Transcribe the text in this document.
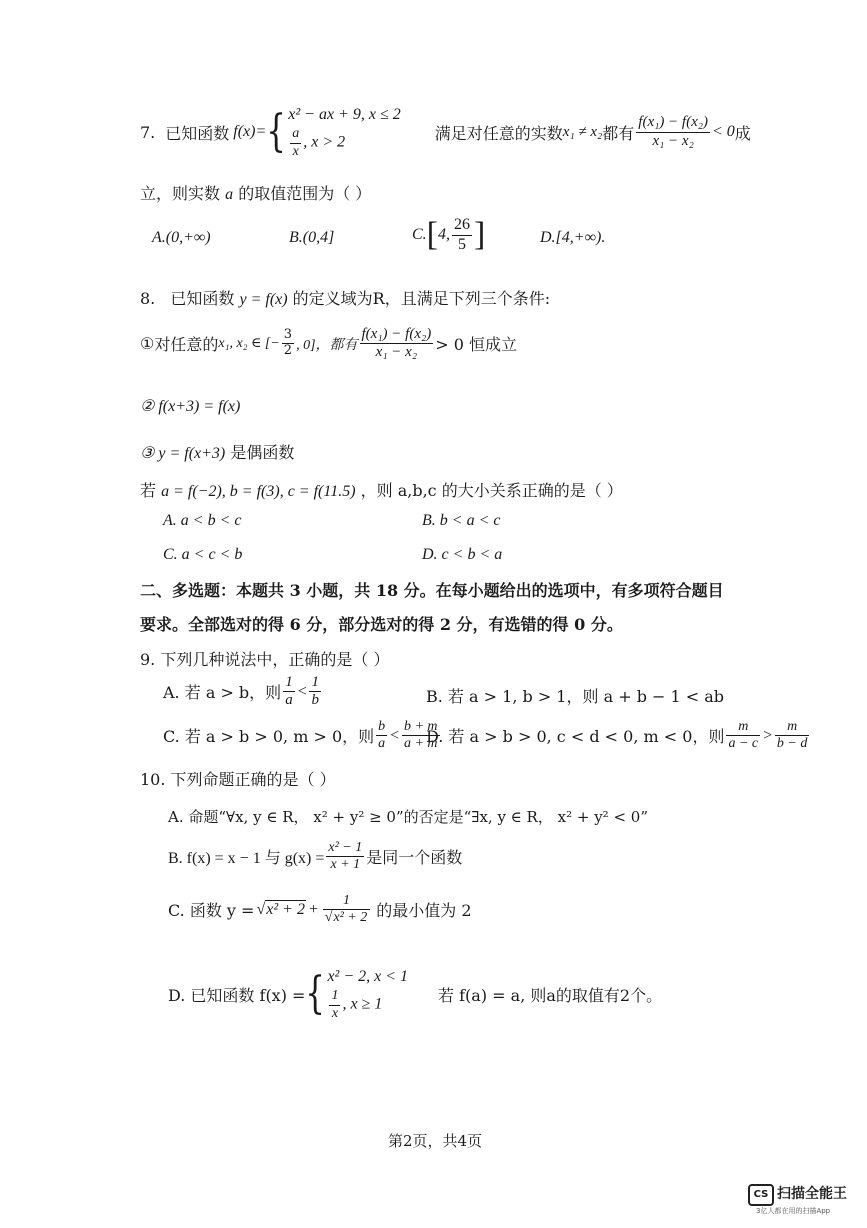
7. 已知函数 f(x)= { x² − ax + 9, x ≤ 2
$\frac{a}{x}$ , x > 2	满足对任意的实数 x₁ ≠ x₂ 都有 $\frac{\text{f(x₁) − f(x₂)}}{\text{x₁ − x₂}} < 0$ 成
立，则实数 a 的取值范围为（ ）
A.(0,+∞)	B.(0,4]	C. [ 4, $\frac{26}{5}$ ]	D.[4,+∞).
8. 已知函数 y = f(x) 的定义域为R，且满足下列三个条件:
① 对任意的 x₁, x₂ ∈ [− $\frac{3}{2}$ , 0]，都有 $\frac{\text{f(x₁) − f(x₂)}}{\text{x₁ − x₂}} > 0$ 恒成立
② f(x+3) = f(x)
③ y = f(x+3) 是偶函数
若 a = f(−2), b = f(3), c = f(11.5) ，则 a,b,c 的大小关系正确的是（ ）
A. a < b < c	B. b < a < c
C. a < c < b	D. c < b < a
二、多选题：本题共 3 小题，共 18 分。在每小题给出的选项中，有多项符合题目
要求。全部选对的得 6 分，部分选对的得 2 分，有选错的得 0 分。
9. 下列几种说法中，正确的是（ ）
A. 若 a > b，则 $\frac{1}{a} < \frac{1}{b}$	B. 若 a > 1, b > 1，则 a + b − 1 < ab
C. 若 a > b > 0, m > 0，则 $\frac{b}{a} < \frac{b + m}{a + m}$
D. 若 a > b > 0, c < d < 0, m < 0，则 $\frac{m}{a - c} > \frac{m}{b - d}$
10. 下列命题正确的是（ ）
A. 命题“∀x, y ∈ R， x² + y² ≥ 0”的否定是“∃x, y ∈ R， x² + y² < 0”
B. f(x) = x − 1 与 $g(x) = \frac{\text{x² − 1}}{x + 1}$ 是同一个函数
C. 函数 $y = √x^2 + 2 + \frac{1}{\text{√x² + 2}}$ 的最小值为 2
D. 已知函数 f(x) = { x² − 2, x < 1
$\frac{1}{x}$ , x ≥ 1	若 f(a) = a, 则a的取值有2个。
第2页，共4页
CS 扫描全能王
3亿人都在用的扫描App
